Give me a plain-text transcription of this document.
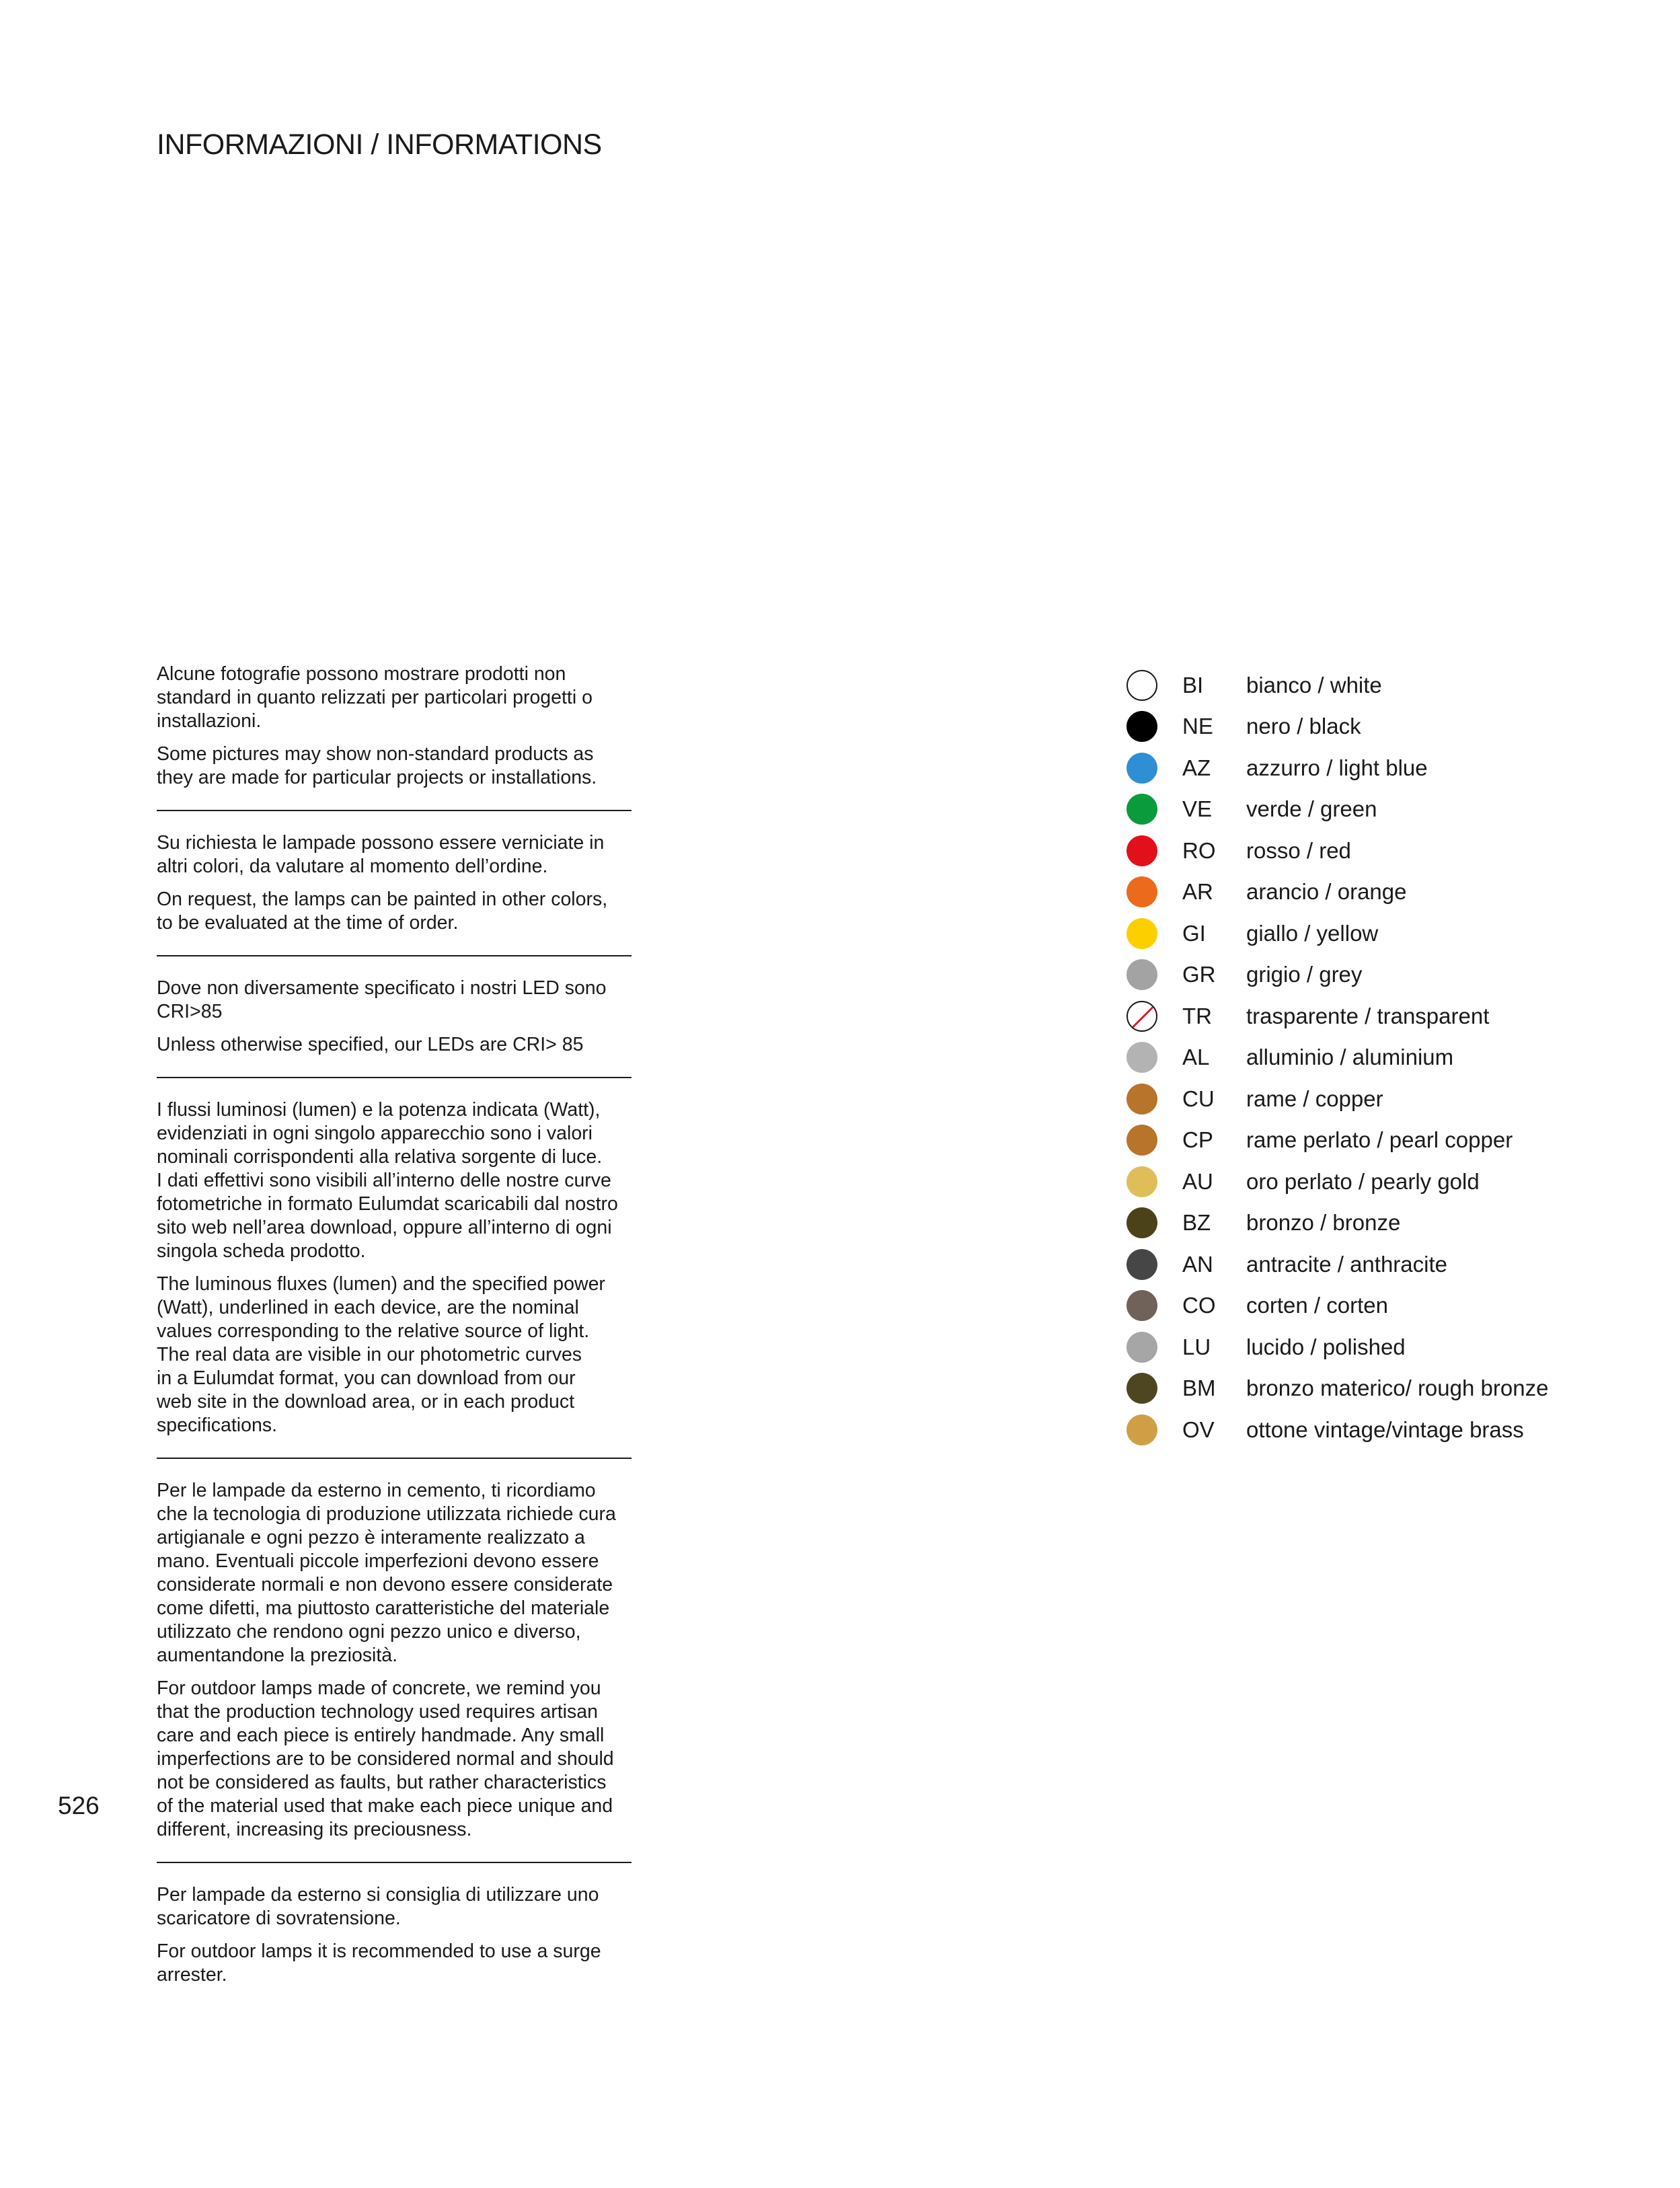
INFORMAZIONI / INFORMATIONS

Alcune fotografie possono mostrare prodotti non
standard in quanto relizzati per particolari progetti o
installazioni.

Some pictures may show non-standard products as
they are made for particular projects or installations.

Su richiesta le lampade possono essere verniciate in
altri colori, da valutare al momento dell’ordine.

On request, the lamps can be painted in other colors,
to be evaluated at the time of order.

Dove non diversamente specificato i nostri LED sono
CRI>85

Unless otherwise specified, our LEDs are CRI> 85

I flussi luminosi (lumen) e la potenza indicata (Watt),
evidenziati in ogni singolo apparecchio sono i valori
nominali corrispondenti alla relativa sorgente di luce.
I dati effettivi sono visibili all’interno delle nostre curve
fotometriche in formato Eulumdat scaricabili dal nostro
sito web nell’area download, oppure all’interno di ogni
singola scheda prodotto.

The luminous fluxes (lumen) and the specified power
(Watt), underlined in each device, are the nominal
values corresponding to the relative source of light.
The real data are visible in our photometric curves
in a Eulumdat format, you can download from our
web site in the download area, or in each product
specifications.

Per le lampade da esterno in cemento, ti ricordiamo
che la tecnologia di produzione utilizzata richiede cura
artigianale e ogni pezzo è interamente realizzato a
mano. Eventuali piccole imperfezioni devono essere
considerate normali e non devono essere considerate
come difetti, ma piuttosto caratteristiche del materiale
utilizzato che rendono ogni pezzo unico e diverso,
aumentandone la preziosità.

For outdoor lamps made of concrete, we remind you
that the production technology used requires artisan
care and each piece is entirely handmade. Any small
imperfections are to be considered normal and should
not be considered as faults, but rather characteristics
of the material used that make each piece unique and
different, increasing its preciousness.

Per lampade da esterno si consiglia di utilizzare uno
scaricatore di sovratensione.

For outdoor lamps it is recommended to use a surge
arrester.

526
BI	bianco / white
NE	nero / black
AZ	azzurro / light blue
VE	verde / green
RO	rosso / red
AR	arancio / orange
GI	giallo / yellow
GR	grigio / grey
TR	trasparente / transparent
AL	alluminio / aluminium
CU	rame / copper
CP	rame perlato / pearl copper
AU	oro perlato / pearly gold
BZ	bronzo / bronze
AN	antracite / anthracite
CO	corten / corten
LU	lucido / polished
BM	bronzo materico/ rough bronze
OV	ottone vintage/vintage brass
